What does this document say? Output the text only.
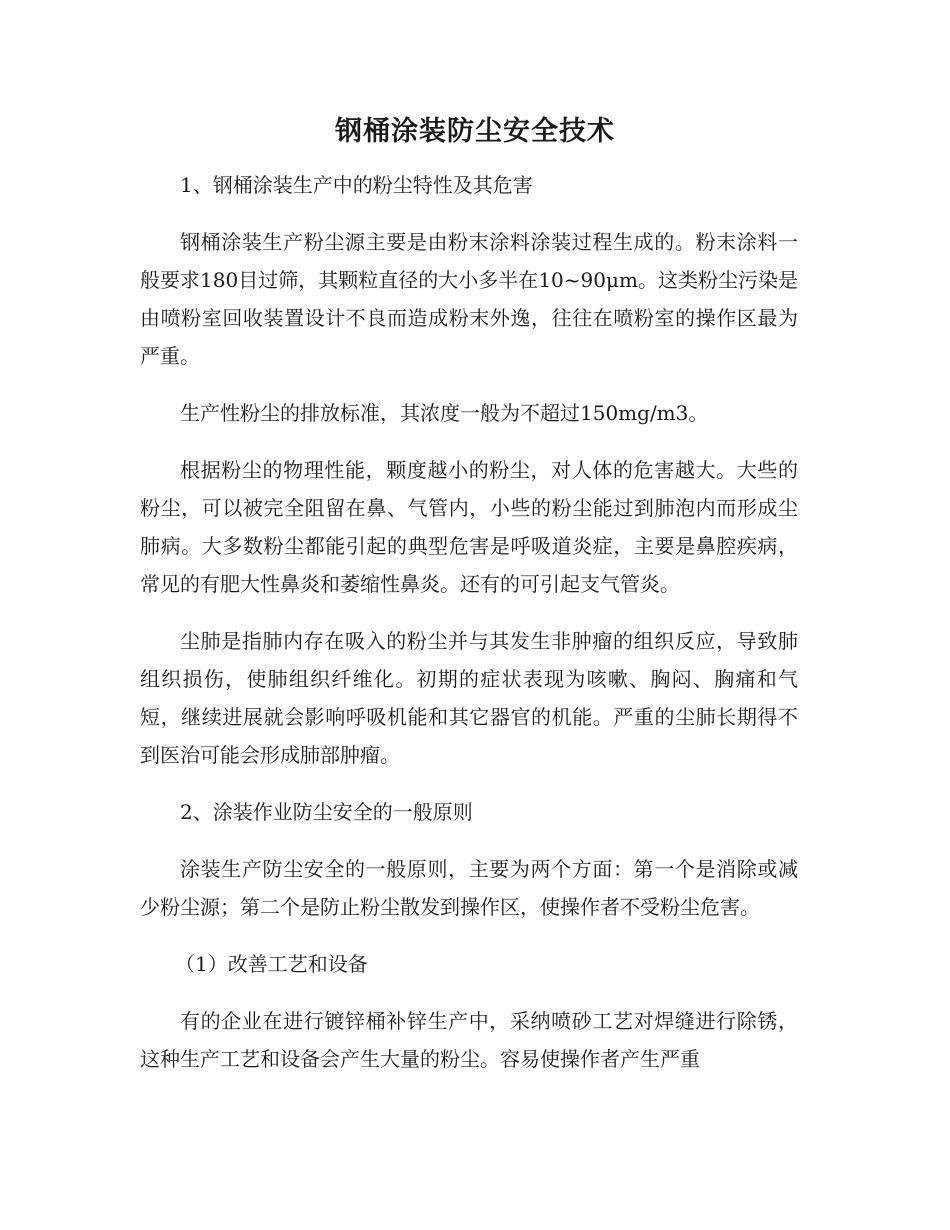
钢桶涂装防尘安全技术

1、钢桶涂装生产中的粉尘特性及其危害

钢桶涂装生产粉尘源主要是由粉末涂料涂装过程生成的。粉末涂料一般要求180目过筛，其颗粒直径的大小多半在10~90μm。这类粉尘污染是由喷粉室回收装置设计不良而造成粉末外逸，往往在喷粉室的操作区最为严重。

生产性粉尘的排放标准，其浓度一般为不超过150mg/m3。

根据粉尘的物理性能，颗度越小的粉尘，对人体的危害越大。大些的粉尘，可以被完全阻留在鼻、气管内，小些的粉尘能过到肺泡内而形成尘肺病。大多数粉尘都能引起的典型危害是呼吸道炎症，主要是鼻腔疾病，常见的有肥大性鼻炎和萎缩性鼻炎。还有的可引起支气管炎。

尘肺是指肺内存在吸入的粉尘并与其发生非肿瘤的组织反应，导致肺组织损伤，使肺组织纤维化。初期的症状表现为咳嗽、胸闷、胸痛和气短，继续进展就会影响呼吸机能和其它器官的机能。严重的尘肺长期得不到医治可能会形成肺部肿瘤。

2、涂装作业防尘安全的一般原则

涂装生产防尘安全的一般原则，主要为两个方面：第一个是消除或减少粉尘源；第二个是防止粉尘散发到操作区，使操作者不受粉尘危害。

（1）改善工艺和设备

有的企业在进行镀锌桶补锌生产中，采纳喷砂工艺对焊缝进行除锈，这种生产工艺和设备会产生大量的粉尘。容易使操作者产生严重
